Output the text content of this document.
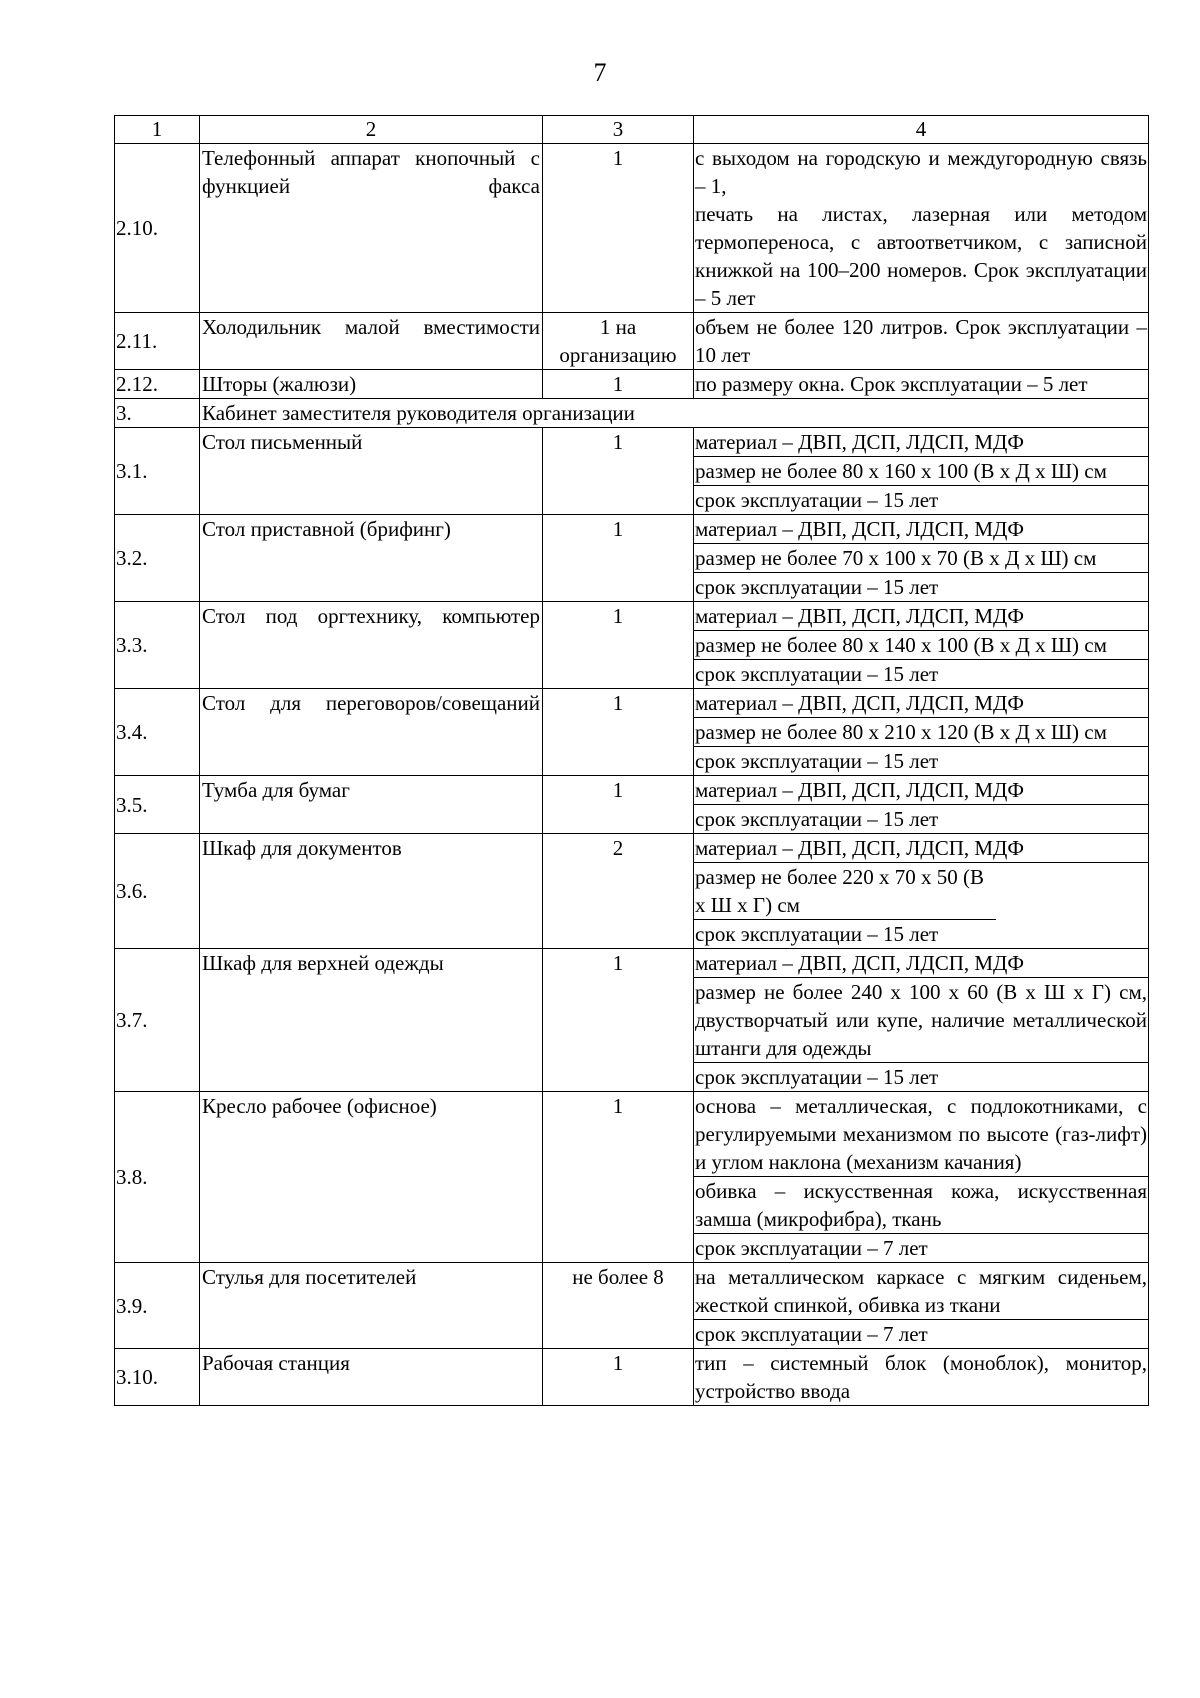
7
1	2	3	4
2.10.	Телефонный аппарат кнопочный с функцией факса	1	с выходом на городскую и междугородную связь – 1,
печать на листах, лазерная или методом термопереноса, с автоответчиком, с записной книжкой на 100–200 номеров. Срок эксплуатации – 5 лет

2.11.	Холодильник малой вместимости	1 на организацию	объем не более 120 литров. Срок эксплуатации – 10 лет

2.12.	Шторы (жалюзи)	1	по размеру окна. Срок эксплуатации – 5 лет

3.	Кабинет заместителя руководителя организации		
3.1.	Стол письменный	1	материал – ДВП, ДСП, ЛДСП, МДФ
размер не более 80 х 160 х 100 (В х Д х Ш) см
срок эксплуатации – 15 лет

3.2.	Стол приставной (брифинг)	1	материал – ДВП, ДСП, ЛДСП, МДФ
размер не более 70 х 100 х 70 (В х Д х Ш) см
срок эксплуатации – 15 лет

3.3.	Стол под оргтехнику, компьютер	1	материал – ДВП, ДСП, ЛДСП, МДФ
размер не более 80 х 140 х 100 (В х Д х Ш) см
срок эксплуатации – 15 лет

3.4.	Стол для переговоров/совещаний	1	материал – ДВП, ДСП, ЛДСП, МДФ
размер не более 80 х 210 х 120 (В х Д х Ш) см
срок эксплуатации – 15 лет

3.5.	Тумба для бумаг	1	материал – ДВП, ДСП, ЛДСП, МДФ
срок эксплуатации – 15 лет

3.6.	Шкаф для документов	2	материал – ДВП, ДСП, ЛДСП, МДФ
размер не более 220 х 70 х 50 (В х Ш х Г) см
срок эксплуатации – 15 лет

3.7.	Шкаф для верхней одежды	1	материал – ДВП, ДСП, ЛДСП, МДФ
размер не более 240 х 100 х 60 (В х Ш х Г) см, двустворчатый или купе, наличие металлической штанги для одежды
срок эксплуатации – 15 лет

3.8.	Кресло рабочее (офисное)	1	основа – металлическая, с подлокотниками, с регулируемыми механизмом по высоте (газ-лифт) и углом наклона (механизм качания)
обивка – искусственная кожа, искусственная замша (микрофибра), ткань
срок эксплуатации – 7 лет

3.9.	Стулья для посетителей	не более 8	на металлическом каркасе с мягким сиденьем, жесткой спинкой, обивка из ткани
срок эксплуатации – 7 лет

3.10.	Рабочая станция	1	тип – системный блок (моноблок), монитор, устройство ввода
